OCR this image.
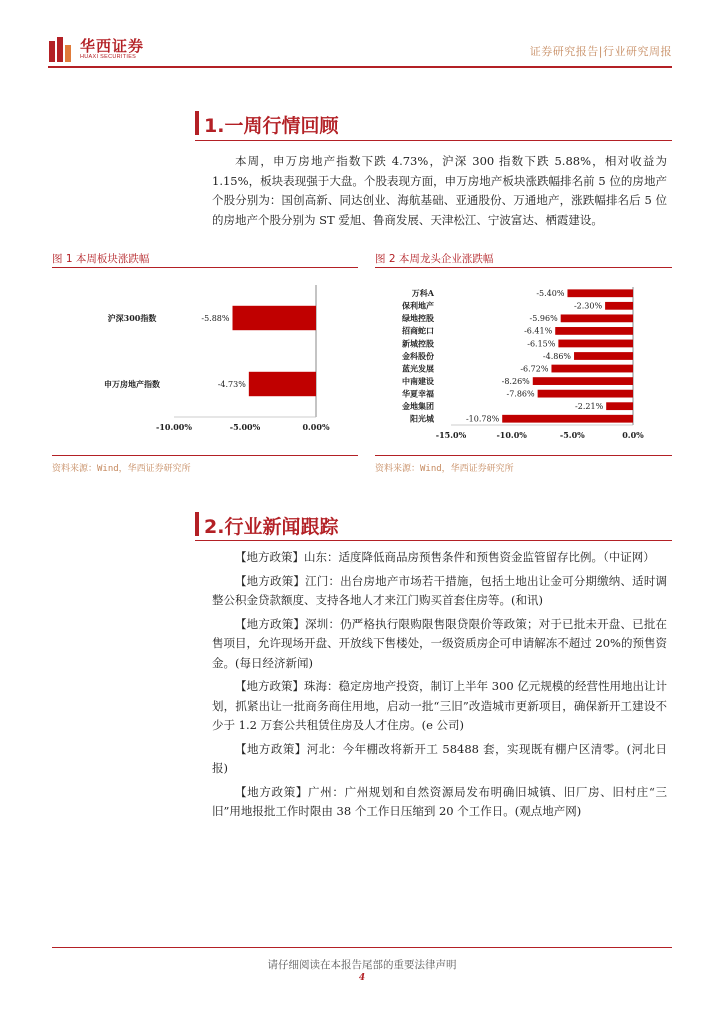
华西证券
HUAXI SECURITIES	证券研究报告|行业研究周报
1.一周行情回顾
本周，申万房地产指数下跌 4.73%，沪深 300 指数下跌 5.88%，相对收益为 1.15%，板块表现强于大盘。个股表现方面，申万房地产板块涨跌幅排名前 5 位的房地产个股分别为：国创高新、同达创业、海航基础、亚通股份、万通地产，涨跌幅排名后 5 位的房地产个股分别为 ST 爱旭、鲁商发展、天津松江、宁波富达、栖霞建设。
图 1 本周板块涨跌幅	图 2 本周龙头企业涨跌幅
-5.88%
沪深300指数
-4.73%
申万房地产指数
-10.00%	-5.00%	0.00%
-5.40%
万科A
-2.30%
保利地产
-5.96%
绿地控股
-6.41%
招商蛇口
-6.15%
新城控股
-4.86%
金科股份
-6.72%
蓝光发展
-8.26%
中南建设
-7.86%
华夏幸福
-2.21%
金地集团
-10.78%
阳光城
-15.0%	-10.0%	-5.0%	0.0%
资料来源：Wind，华西证券研究所	资料来源：Wind，华西证券研究所
2.行业新闻跟踪
【地方政策】山东：适度降低商品房预售条件和预售资金监管留存比例。（中证网）
【地方政策】江门：出台房地产市场若干措施，包括土地出让金可分期缴纳、适时调整公积金贷款额度、支持各地人才来江门购买首套住房等。(和讯)
【地方政策】深圳：仍严格执行限购限售限贷限价等政策；对于已批未开盘、已批在售项目，允许现场开盘、开放线下售楼处，一级资质房企可申请解冻不超过 20%的预售资金。(每日经济新闻)
【地方政策】珠海：稳定房地产投资，制订上半年 300 亿元规模的经营性用地出让计划，抓紧出让一批商务商住用地，启动一批“三旧”改造城市更新项目，确保新开工建设不少于 1.2 万套公共租赁住房及人才住房。(e 公司)
【地方政策】河北：今年棚改将新开工 58488 套，实现既有棚户区清零。(河北日报)
【地方政策】广州：广州规划和自然资源局发布明确旧城镇、旧厂房、旧村庄“三旧”用地报批工作时限由 38 个工作日压缩到 20 个工作日。(观点地产网)
请仔细阅读在本报告尾部的重要法律声明
4
